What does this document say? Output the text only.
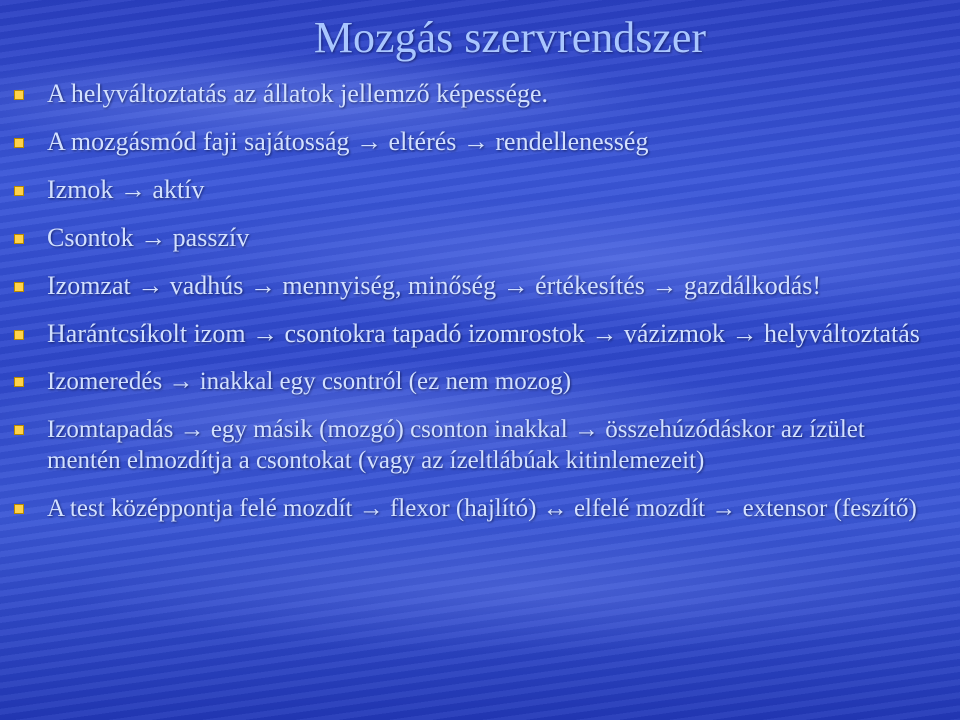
Mozgás szervrendszer
A helyváltoztatás az állatok jellemző képessége.
A mozgásmód faji sajátosság → eltérés → rendellenesség
Izmok → aktív
Csontok → passzív
Izomzat → vadhús → mennyiség, minőség → értékesítés → gazdálkodás!
Harántcsíkolt izom → csontokra tapadó izomrostok → vázizmok → helyváltoztatás
Izomeredés → inakkal egy csontról (ez nem mozog)
Izomtapadás → egy másik (mozgó) csonton inakkal → összehúzódáskor az ízület mentén elmozdítja a csontokat (vagy az ízeltlábúak kitinlemezeit)
A test középpontja felé mozdít → flexor (hajlító) ↔ elfelé mozdít → extensor (feszítő)
